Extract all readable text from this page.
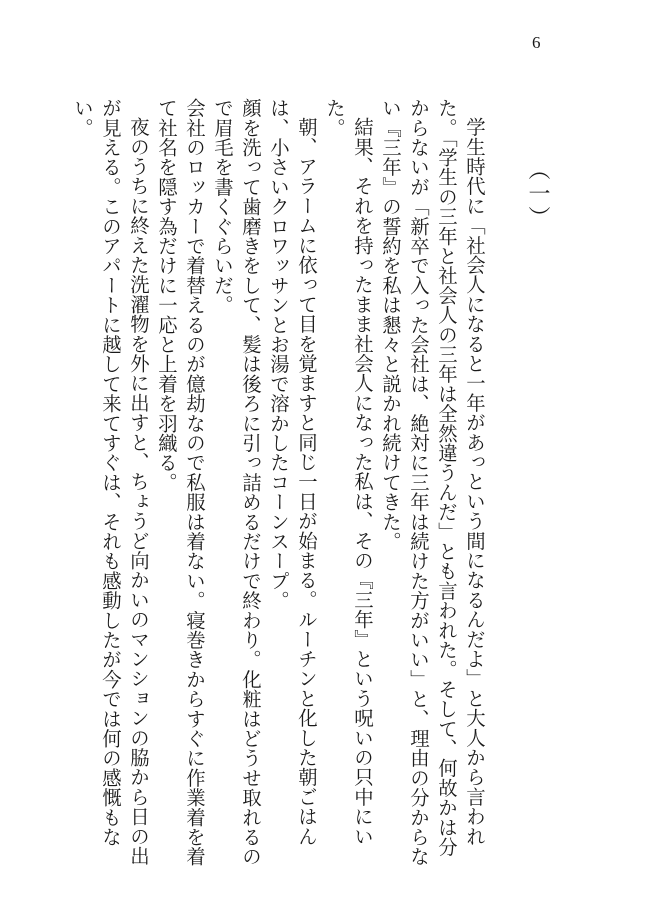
6
（一）

学生時代に「社会人になると一年があっという間になるんだよ」と大人から言われた。「学生の三年と社会人の三年は全然違うんだ」とも言われた。そして、何故かは分からないが「新卒で入った会社は、絶対に三年は続けた方がいい」と、理由の分からない『三年』の誓約を私は懇々と説かれ続けてきた。

結果、それを持ったまま社会人になった私は、その『三年』という呪いの只中にいた。

朝、アラームに依って目を覚ますと同じ一日が始まる。ルーチンと化した朝ごはんは、小さいクロワッサンとお湯で溶かしたコーンスープ。

顔を洗って歯磨きをして、髪は後ろに引っ詰めるだけで終わり。化粧はどうせ取れるので眉毛を書くぐらいだ。

会社のロッカーで着替えるのが億劫なので私服は着ない。寝巻きからすぐに作業着を着て社名を隠す為だけに一応と上着を羽織る。

夜のうちに終えた洗濯物を外に出すと、ちょうど向かいのマンションの脇から日の出が見える。このアパートに越して来てすぐは、それも感動したが今では何の感慨もない。
